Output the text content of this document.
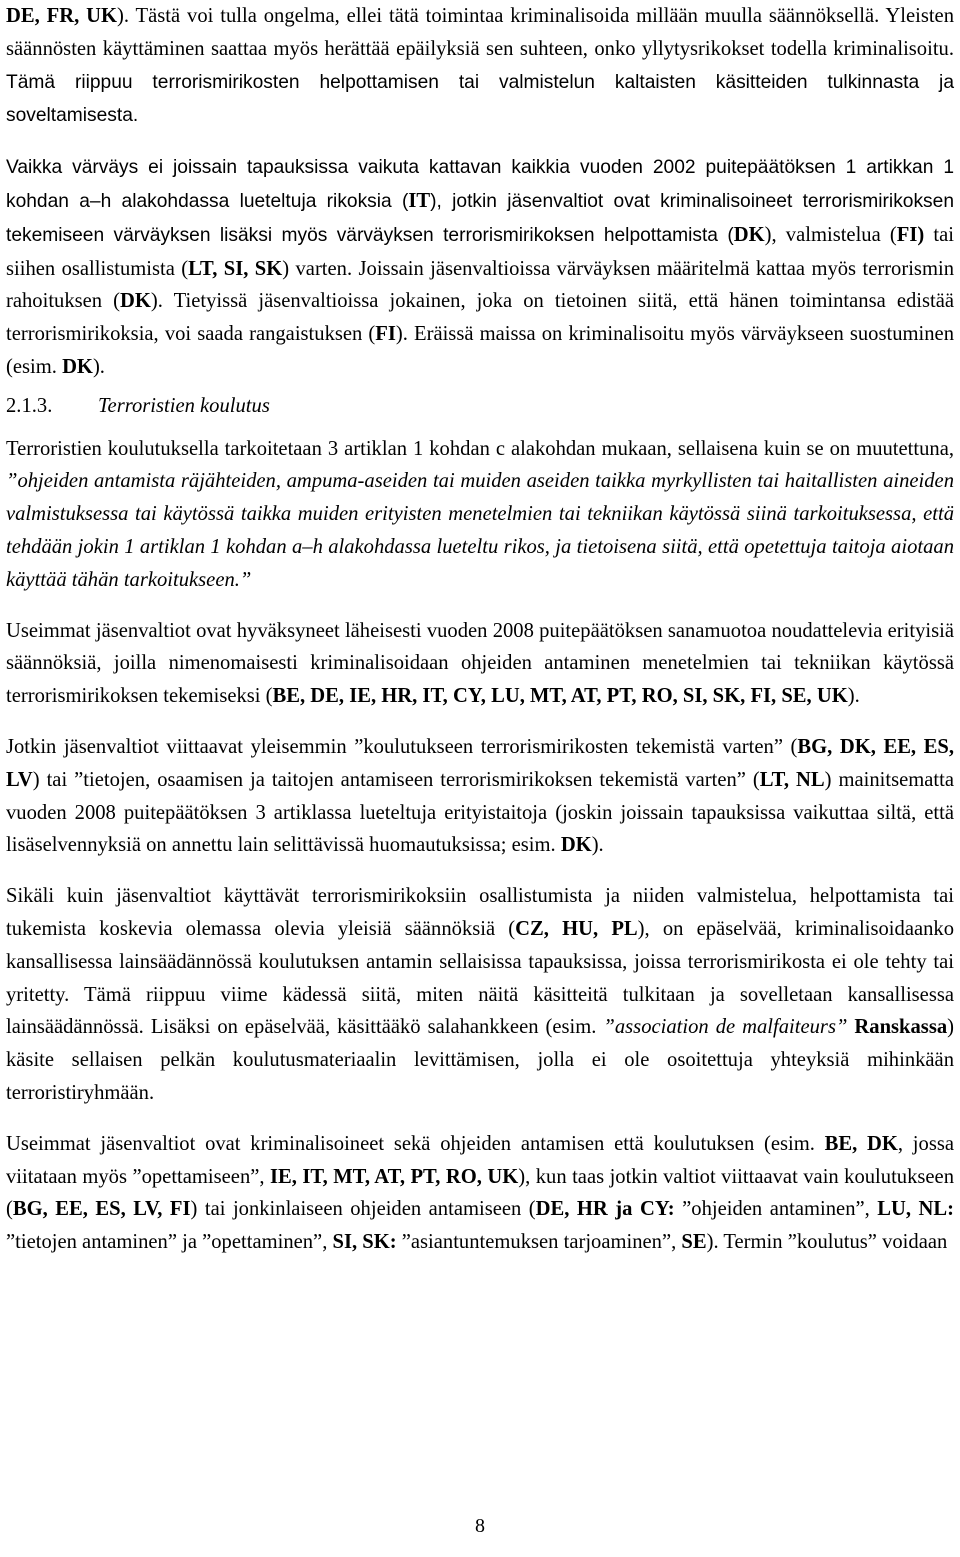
DE, FR, UK). Tästä voi tulla ongelma, ellei tätä toimintaa kriminalisoida millään muulla säännöksellä. Yleisten säännösten käyttäminen saattaa myös herättää epäilyksiä sen suhteen, onko yllytysrikokset todella kriminalisoitu. Tämä riippuu terrorismirikosten helpottamisen tai valmistelun kaltaisten käsitteiden tulkinnasta ja soveltamisesta.

Vaikka värväys ei joissain tapauksissa vaikuta kattavan kaikkia vuoden 2002 puitepäätöksen 1 artikkan 1 kohdan a–h alakohdassa lueteltuja rikoksia (IT), jotkin jäsenvaltiot ovat kriminalisoineet terrorismirikoksen tekemiseen värväyksen lisäksi myös värväyksen terrorismirikoksen helpottamista (DK), valmistelua (FI) tai siihen osallistumista (LT, SI, SK) varten. Joissain jäsenvaltioissa värväyksen määritelmä kattaa myös terrorismin rahoituksen (DK). Tietyissä jäsenvaltioissa jokainen, joka on tietoinen siitä, että hänen toimintansa edistää terrorismirikoksia, voi saada rangaistuksen (FI). Eräissä maissa on kriminalisoitu myös värväykseen suostuminen (esim. DK).

2.1.3. Terroristien koulutus

Terroristien koulutuksella tarkoitetaan 3 artiklan 1 kohdan c alakohdan mukaan, sellaisena kuin se on muutettuna, ”ohjeiden antamista räjähteiden, ampuma-aseiden tai muiden aseiden taikka myrkyllisten tai haitallisten aineiden valmistuksessa tai käytössä taikka muiden erityisten menetelmien tai tekniikan käytössä siinä tarkoituksessa, että tehdään jokin 1 artiklan 1 kohdan a–h alakohdassa lueteltu rikos, ja tietoisena siitä, että opetettuja taitoja aiotaan käyttää tähän tarkoitukseen.”

Useimmat jäsenvaltiot ovat hyväksyneet läheisesti vuoden 2008 puitepäätöksen sanamuotoa noudattelevia erityisiä säännöksiä, joilla nimenomaisesti kriminalisoidaan ohjeiden antaminen menetelmien tai tekniikan käytössä terrorismirikoksen tekemiseksi (BE, DE, IE, HR, IT, CY, LU, MT, AT, PT, RO, SI, SK, FI, SE, UK).

Jotkin jäsenvaltiot viittaavat yleisemmin ”koulutukseen terrorismirikosten tekemistä varten” (BG, DK, EE, ES, LV) tai ”tietojen, osaamisen ja taitojen antamiseen terrorismirikoksen tekemistä varten” (LT, NL) mainitsematta vuoden 2008 puitepäätöksen 3 artiklassa lueteltuja erityistaitoja (joskin joissain tapauksissa vaikuttaa siltä, että lisäselvennyksiä on annettu lain selittävissä huomautuksissa; esim. DK).

Sikäli kuin jäsenvaltiot käyttävät terrorismirikoksiin osallistumista ja niiden valmistelua, helpottamista tai tukemista koskevia olemassa olevia yleisiä säännöksiä (CZ, HU, PL), on epäselvää, kriminalisoidaanko kansallisessa lainsäädännössä koulutuksen antamin sellaisissa tapauksissa, joissa terrorismirikosta ei ole tehty tai yritetty. Tämä riippuu viime kädessä siitä, miten näitä käsitteitä tulkitaan ja sovelletaan kansallisessa lainsäädännössä. Lisäksi on epäselvää, käsittääkö salahankkeen (esim. ”association de malfaiteurs” Ranskassa) käsite sellaisen pelkän koulutusmateriaalin levittämisen, jolla ei ole osoitettuja yhteyksiä mihinkään terroristiryhmään.

Useimmat jäsenvaltiot ovat kriminalisoineet sekä ohjeiden antamisen että koulutuksen (esim. BE, DK, jossa viitataan myös ”opettamiseen”, IE, IT, MT, AT, PT, RO, UK), kun taas jotkin valtiot viittaavat vain koulutukseen (BG, EE, ES, LV, FI) tai jonkinlaiseen ohjeiden antamiseen (DE, HR ja CY: ”ohjeiden antaminen”, LU, NL: ”tietojen antaminen” ja ”opettaminen”, SI, SK: ”asiantuntemuksen tarjoaminen”, SE). Termin ”koulutus” voidaan

8
